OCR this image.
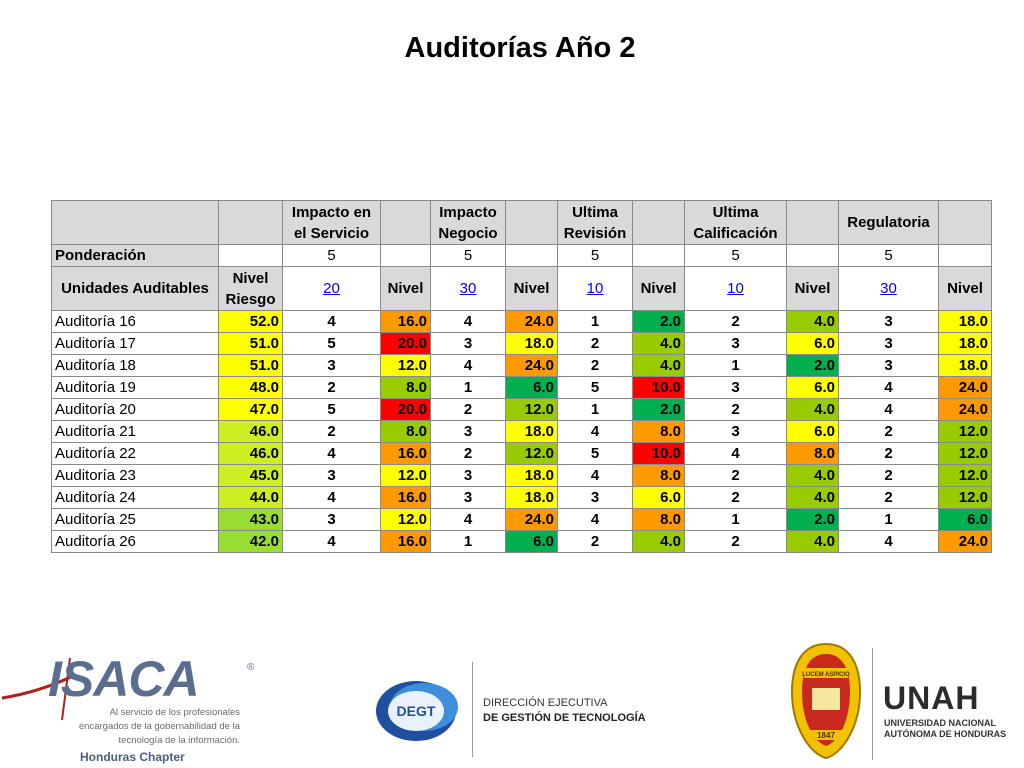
Auditorías Año 2
		Impacto en el Servicio		Impacto Negocio		Ultima Revisión		Ultima Calificación		Regulatoria	
Ponderación		5		5		5		5		5	
Unidades Auditables	Nivel Riesgo	20	Nivel	30	Nivel	10	Nivel	10	Nivel	30	Nivel
Auditoría 16	52.0	4	16.0	4	24.0	1	2.0	2	4.0	3	18.0
Auditoría 17	51.0	5	20.0	3	18.0	2	4.0	3	6.0	3	18.0
Auditoría 18	51.0	3	12.0	4	24.0	2	4.0	1	2.0	3	18.0
Auditoría 19	48.0	2	8.0	1	6.0	5	10.0	3	6.0	4	24.0
Auditoría 20	47.0	5	20.0	2	12.0	1	2.0	2	4.0	4	24.0
Auditoría 21	46.0	2	8.0	3	18.0	4	8.0	3	6.0	2	12.0
Auditoría 22	46.0	4	16.0	2	12.0	5	10.0	4	8.0	2	12.0
Auditoría 23	45.0	3	12.0	3	18.0	4	8.0	2	4.0	2	12.0
Auditoría 24	44.0	4	16.0	3	18.0	3	6.0	2	4.0	2	12.0
Auditoría 25	43.0	3	12.0	4	24.0	4	8.0	1	2.0	1	6.0
Auditoría 26	42.0	4	16.0	1	6.0	2	4.0	2	4.0	4	24.0
ISACA	®
Al servicio de los profesionales
encargados de la gobernabilidad de la
tecnología de la información.
Honduras Chapter
DEGT	DIRECCIÓN EJECUTIVA
DE GESTIÓN DE TECNOLOGÍA
LUCEM ASPICIO
1847
UNAH
UNIVERSIDAD NACIONAL
AUTÓNOMA DE HONDURAS
